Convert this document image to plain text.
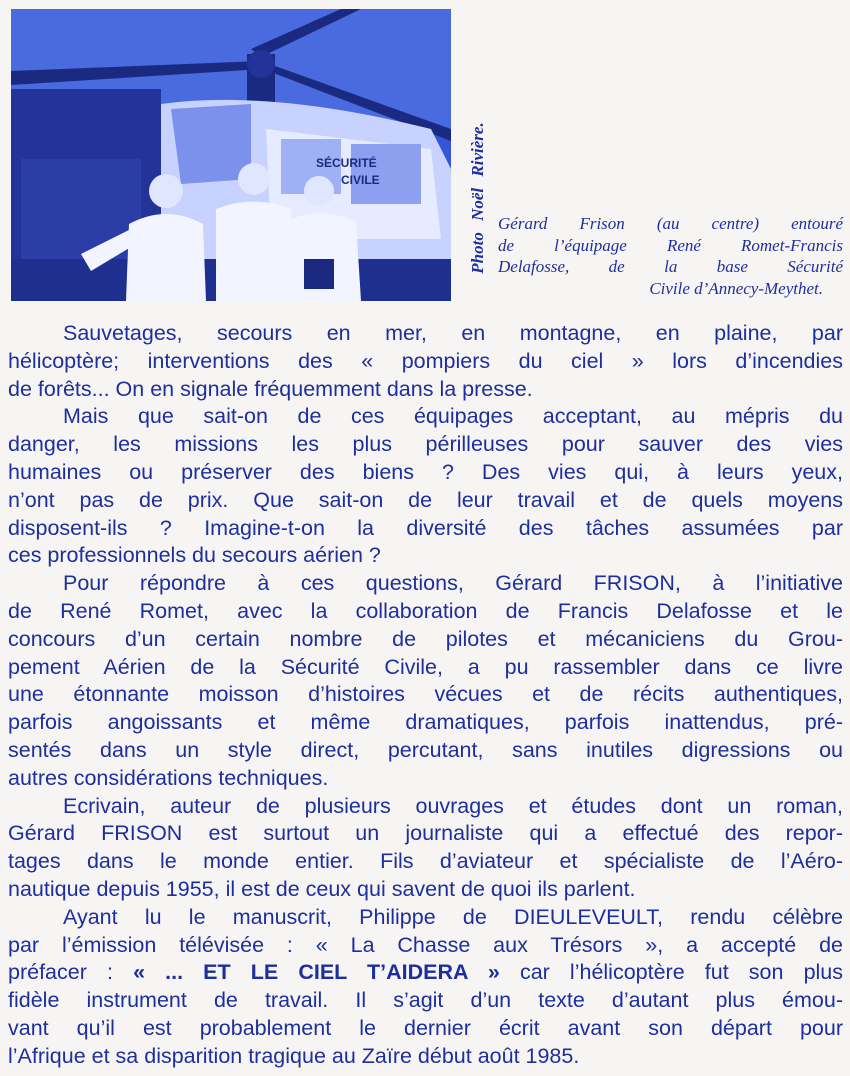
SÉCURITÉ
CIVILE	Photo Noël Rivière. Gérard Frison (au centre) entouré
de l’équipage René Romet-Francis
Delafosse, de la base Sécurité
Civile d’Annecy-Meythet.
Sauvetages, secours en mer, en montagne, en plaine, par
hélicoptère; interventions des « pompiers du ciel » lors d’incendies
de forêts... On en signale fréquemment dans la presse.
Mais que sait-on de ces équipages acceptant, au mépris du
danger, les missions les plus périlleuses pour sauver des vies
humaines ou préserver des biens ? Des vies qui, à leurs yeux,
n’ont pas de prix. Que sait-on de leur travail et de quels moyens
disposent-ils ? Imagine-t-on la diversité des tâches assumées par
ces professionnels du secours aérien ?
Pour répondre à ces questions, Gérard FRISON, à l’initiative
de René Romet, avec la collaboration de Francis Delafosse et le
concours d’un certain nombre de pilotes et mécaniciens du Grou-
pement Aérien de la Sécurité Civile, a pu rassembler dans ce livre
une étonnante moisson d’histoires vécues et de récits authentiques,
parfois angoissants et même dramatiques, parfois inattendus, pré-
sentés dans un style direct, percutant, sans inutiles digressions ou
autres considérations techniques.
Ecrivain, auteur de plusieurs ouvrages et études dont un roman,
Gérard FRISON est surtout un journaliste qui a effectué des repor-
tages dans le monde entier. Fils d’aviateur et spécialiste de l’Aéro-
nautique depuis 1955, il est de ceux qui savent de quoi ils parlent.
Ayant lu le manuscrit, Philippe de DIEULEVEULT, rendu célèbre
par l’émission télévisée : « La Chasse aux Trésors », a accepté de
préfacer : « ... ET LE CIEL T’AIDERA » car l’hélicoptère fut son plus
fidèle instrument de travail. Il s’agit d’un texte d’autant plus émou-
vant qu’il est probablement le dernier écrit avant son départ pour
l’Afrique et sa disparition tragique au Zaïre début août 1985.
